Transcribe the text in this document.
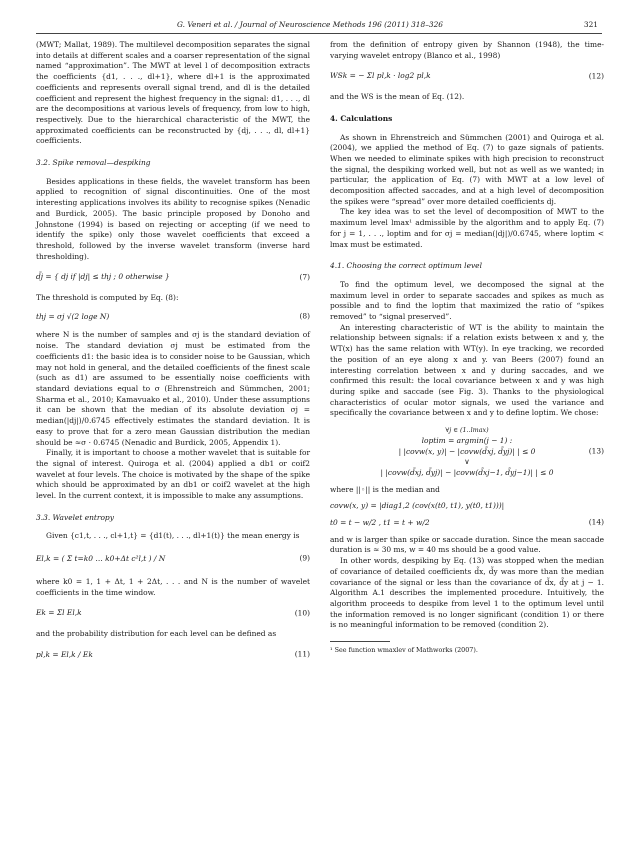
G. Veneri et al. / Journal of Neuroscience Methods 196 (2011) 318–326	321

(MWT; Mallat, 1989). The multilevel decomposition separates the signal into details at different scales and a coarser representation of the signal named “approximation”. The MWT at level l of decomposition extracts the coefficients {d1, . . ., dl+1}, where dl+1 is the approximated coefficients and represents overall signal trend, and dl is the detailed coefficient and represent the highest frequency in the signal: d1, . . ., dl are the decompositions at various levels of frequency, from low to high, respectively. Due to the hierarchical characteristic of the MWT, the approximated coefficients can be reconstructed by {dj, . . ., dl, dl+1} coefficients.

3.2. Spike removal—despiking

Besides applications in these fields, the wavelet transform has been applied to recognition of signal discontinuities. One of the most interesting applications involves its ability to recognise spikes (Nenadic and Burdick, 2005). The basic principle proposed by Donoho and Johnstone (1994) is based on rejecting or accepting (if we need to identify the spike) only those wavelet coefficients that exceed a threshold, followed by the inverse wavelet transform (inverse hard thresholding).

d̃j = { dj if |dj| ≤ thj ; 0 otherwise }	(7)

The threshold is computed by Eq. (8):

thj = σj √(2 loge N)	(8)

where N is the number of samples and σj is the standard deviation of noise. The standard deviation σj must be estimated from the coefficients d1: the basic idea is to consider noise to be Gaussian, which may not hold in general, and the detailed coefficients of the finest scale (such as d1) are assumed to be essentially noise coefficients with standard deviations equal to σ (Ehrenstreich and Sümmchen, 2001; Sharma et al., 2010; Kamavuako et al., 2010). Under these assumptions it can be shown that the median of its absolute deviation σj = median(|dj|)/0.6745 effectively estimates the standard deviation. It is easy to prove that for a zero mean Gaussian distribution the median should be ≈σ · 0.6745 (Nenadic and Burdick, 2005, Appendix 1).

Finally, it is important to choose a mother wavelet that is suitable for the signal of interest. Quiroga et al. (2004) applied a db1 or coif2 wavelet at four levels. The choice is motivated by the shape of the spike which should be approximated by an db1 or coif2 wavelet at the high level. In the current context, it is impossible to make any assumptions.

3.3. Wavelet entropy

Given {c1,t, . . ., cl+1,t} = {d1(t), . . ., dl+1(t)} the mean energy is

El,k = ( Σ t=k0 … k0+Δt c²l,t ) / N	(9)

where k0 = 1, 1 + Δt, 1 + 2Δt, . . . and N is the number of wavelet coefficients in the time window.

Ek = Σl El,k	(10)

and the probability distribution for each level can be defined as

pl,k = El,k / Ek	(11)

from the definition of entropy given by Shannon (1948), the time-varying wavelet entropy (Blanco et al., 1998)

WSk = − Σl pl,k · log2 pl,k	(12)

and the WS is the mean of Eq. (12).

4. Calculations

As shown in Ehrenstreich and Sümmchen (2001) and Quiroga et al. (2004), we applied the method of Eq. (7) to gaze signals of patients. When we needed to eliminate spikes with high precision to reconstruct the signal, the despiking worked well, but not as well as we wanted; in particular, the application of Eq. (7) with MWT at a low level of decomposition affected saccades, and at a high level of decomposition the spikes were “spread” over more detailed coefficients dj.

The key idea was to set the level of decomposition of MWT to the maximum level lmax¹ admissible by the algorithm and to apply Eq. (7) for j = 1, . . ., loptim and for σj = median(|dj|)/0.6745, where loptim < lmax must be estimated.

4.1. Choosing the correct optimum level

To find the optimum level, we decomposed the signal at the maximum level in order to separate saccades and spikes as much as possible and to find the loptim that maximized the ratio of “spikes removed” to “signal preserved”.

An interesting characteristic of WT is the ability to maintain the relationship between signals: if a relation exists between x and y, the WT(x) has the same relation with WT(y). In eye tracking, we recorded the position of an eye along x and y. van Beers (2007) found an interesting correlation between x and y during saccades, and we confirmed this result: the local covariance between x and y was high during spike and saccade (see Fig. 3). Thanks to the physiological characteristics of ocular motor signals, we used the variance and specifically the covariance between x and y to define loptim. We chose:

∀j ∈ (1..lmax)
loptim = argmin(j − 1) :
| |covw(x, y)| − |covw(d̃xj, d̃yj)| | ≤ 0
∨
| |covw(d̃xj, d̃yj)| − |covw(d̃xj−1, d̃yj−1)| | ≤ 0
(13)

where ||◦|| is the median and

covw(x, y) = |diag1,2 (cov(x(t0, t1), y(t0, t1)))|
t0 = t − w/2 , t1 = t + w/2	(14)

and w is larger than spike or saccade duration. Since the mean saccade duration is ≈ 30 ms, w = 40 ms should be a good value.

In other words, despiking by Eq. (13) was stopped when the median of covariance of detailed coefficients d̃x, d̃y was more than the median covariance of the signal or less than the covariance of d̃x, d̃y at j − 1. Algorithm A.1 describes the implemented procedure. Intuitively, the algorithm proceeds to despike from level 1 to the optimum level until the information removed is no longer significant (condition 1) or there is no meaningful information to be removed (condition 2).

¹ See function wmaxlev of Mathworks (2007).
